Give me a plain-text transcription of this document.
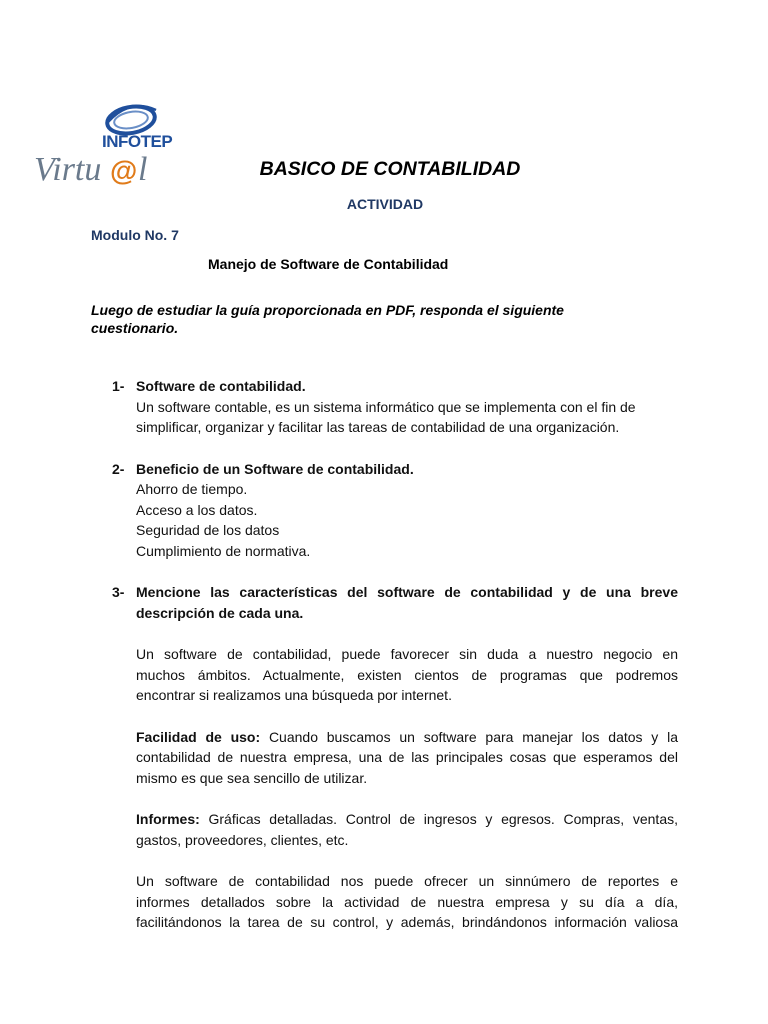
INFOTEP
Virtu @ l	BASICO DE CONTABILIDAD
ACTIVIDAD
Modulo No. 7
Manejo de Software de Contabilidad
Luego de estudiar la guía proporcionada en PDF, responda el siguiente cuestionario.
1- Software de contabilidad.
Un software contable, es un sistema informático que se implementa con el fin de
simplificar, organizar y facilitar las tareas de contabilidad de una organización.
2- Beneficio de un Software de contabilidad.
Ahorro de tiempo.
Acceso a los datos.
Seguridad de los datos
Cumplimiento de normativa.
3- Mencione las características del software de contabilidad y de una breve
descripción de cada una.
Un software de contabilidad, puede favorecer sin duda a nuestro negocio en
muchos ámbitos. Actualmente, existen cientos de programas que podremos
encontrar si realizamos una búsqueda por internet.
Facilidad de uso: Cuando buscamos un software para manejar los datos y la
contabilidad de nuestra empresa, una de las principales cosas que esperamos del
mismo es que sea sencillo de utilizar.
Informes: Gráficas detalladas. Control de ingresos y egresos. Compras, ventas,
gastos, proveedores, clientes, etc.
Un software de contabilidad nos puede ofrecer un sinnúmero de reportes e
informes detallados sobre la actividad de nuestra empresa y su día a día,
facilitándonos la tarea de su control, y además, brindándonos información valiosa
